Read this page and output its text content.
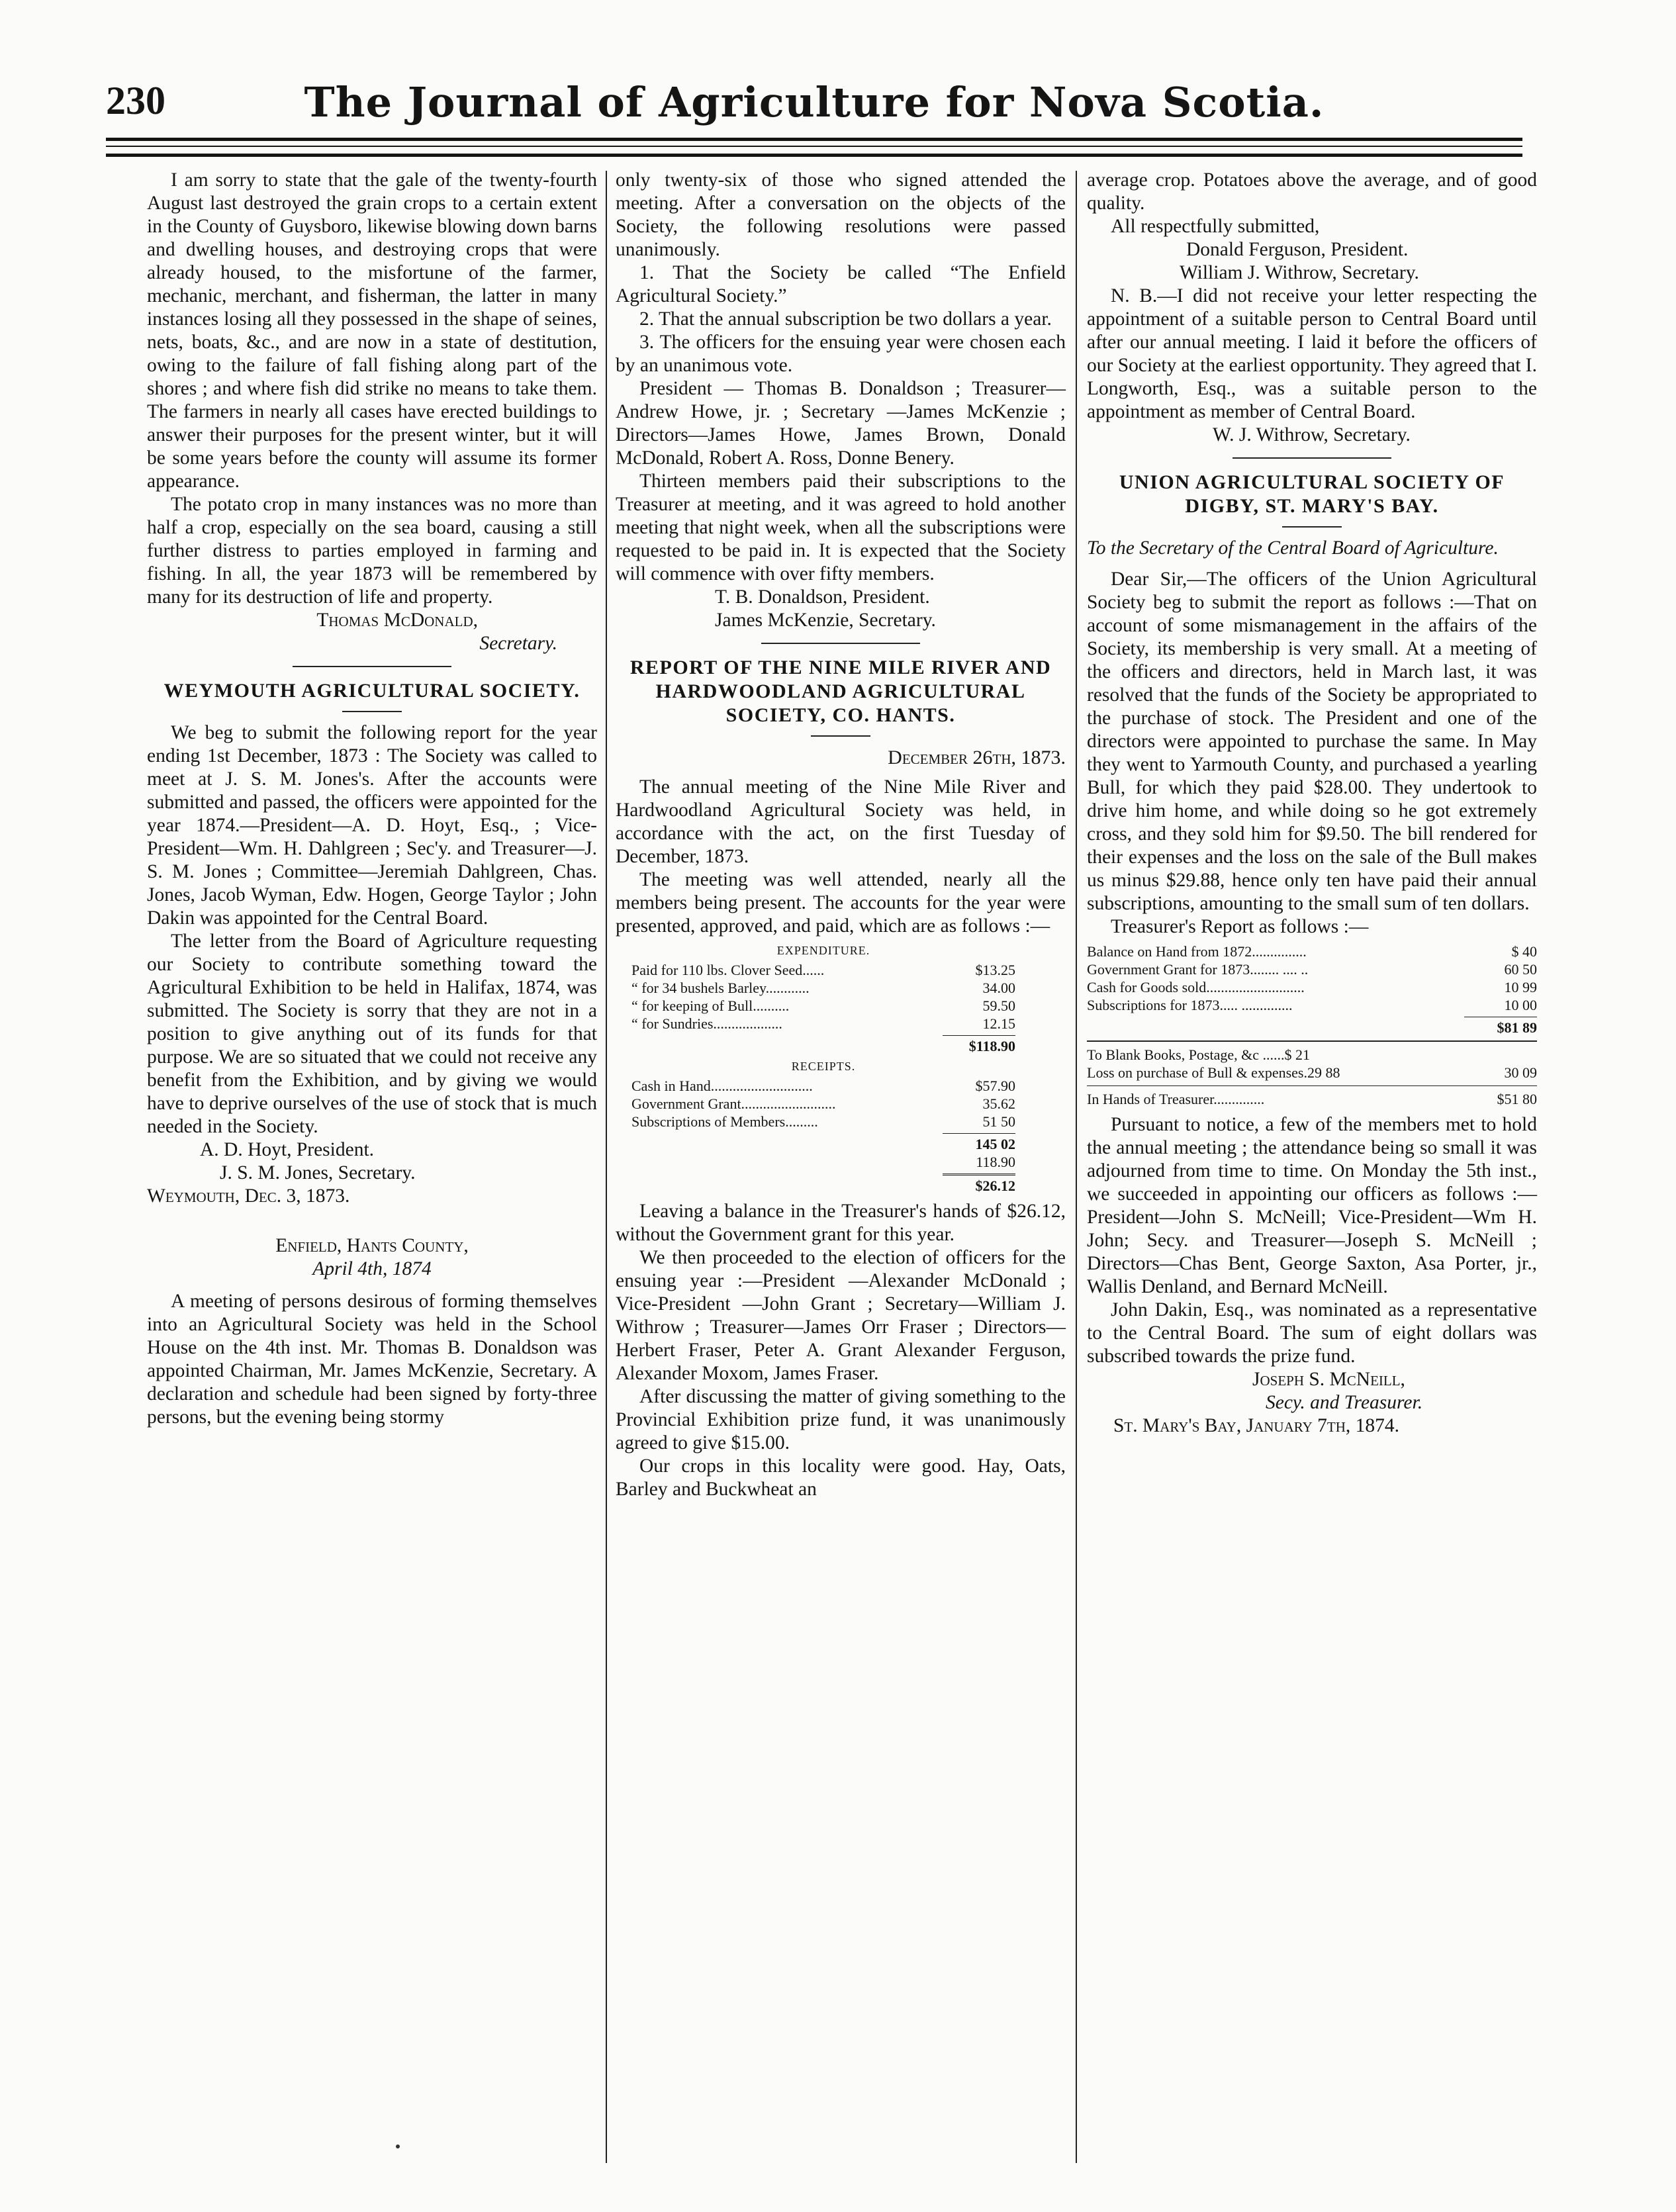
230	The Journal of Agriculture for Nova Scotia.

I am sorry to state that the gale of the twenty-fourth August last destroyed the grain crops to a certain extent in the County of Guysboro, likewise blowing down barns and dwelling houses, and destroying crops that were already housed, to the misfortune of the farmer, mechanic, merchant, and fisherman, the latter in many instances losing all they possessed in the shape of seines, nets, boats, &c., and are now in a state of destitution, owing to the failure of fall fishing along part of the shores ; and where fish did strike no means to take them. The farmers in nearly all cases have erected buildings to answer their purposes for the present winter, but it will be some years before the county will assume its former appearance.

The potato crop in many instances was no more than half a crop, especially on the sea board, causing a still further distress to parties employed in farming and fishing. In all, the year 1873 will be remembered by many for its destruction of life and property.

Thomas McDonald,

Secretary.

WEYMOUTH AGRICULTURAL SOCIETY.

We beg to submit the following report for the year ending 1st December, 1873 : The Society was called to meet at J. S. M. Jones's. After the accounts were submitted and passed, the officers were appointed for the year 1874.—President—A. D. Hoyt, Esq., ; Vice-President—Wm. H. Dahlgreen ; Sec'y. and Treasurer—J. S. M. Jones ; Committee—Jeremiah Dahlgreen, Chas. Jones, Jacob Wyman, Edw. Hogen, George Taylor ; John Dakin was appointed for the Central Board.

The letter from the Board of Agriculture requesting our Society to contribute something toward the Agricultural Exhibition to be held in Halifax, 1874, was submitted. The Society is sorry that they are not in a position to give anything out of its funds for that purpose. We are so situated that we could not receive any benefit from the Exhibition, and by giving we would have to deprive ourselves of the use of stock that is much needed in the Society.

A. D. Hoyt, President.

J. S. M. Jones, Secretary.

Weymouth, Dec. 3, 1873.

Enfield, Hants County,

April 4th, 1874

A meeting of persons desirous of forming themselves into an Agricultural Society was held in the School House on the 4th inst. Mr. Thomas B. Donaldson was appointed Chairman, Mr. James McKenzie, Secretary. A declaration and schedule had been signed by forty-three persons, but the evening being stormy

only twenty-six of those who signed attended the meeting. After a conversation on the objects of the Society, the following resolutions were passed unanimously.

1. That the Society be called “The Enfield Agricultural Society.”

2. That the annual subscription be two dollars a year.

3. The officers for the ensuing year were chosen each by an unanimous vote.

President — Thomas B. Donaldson ; Treasurer—Andrew Howe, jr. ; Secretary —James McKenzie ; Directors—James Howe, James Brown, Donald McDonald, Robert A. Ross, Donne Benery.

Thirteen members paid their subscriptions to the Treasurer at meeting, and it was agreed to hold another meeting that night week, when all the subscriptions were requested to be paid in. It is expected that the Society will commence with over fifty members.

T. B. Donaldson, President.

James McKenzie, Secretary.

REPORT OF THE NINE MILE RIVER AND HARDWOODLAND AGRICULTURAL SOCIETY, CO. HANTS.

December 26th, 1873.

The annual meeting of the Nine Mile River and Hardwoodland Agricultural Society was held, in accordance with the act, on the first Tuesday of December, 1873.

The meeting was well attended, nearly all the members being present. The accounts for the year were presented, approved, and paid, which are as follows :—

EXPENDITURE.
Paid for 110 lbs. Clover Seed......	$13.25
“ for 34 bushels Barley............	34.00
“ for keeping of Bull..........	59.50
“ for Sundries...................	12.15
$118.90
RECEIPTS.
Cash in Hand............................	$57.90
Government Grant..........................	35.62
Subscriptions of Members.........	51 50
145 02
118.90
$26.12

Leaving a balance in the Treasurer's hands of $26.12, without the Government grant for this year.

We then proceeded to the election of officers for the ensuing year :—President —Alexander McDonald ; Vice-President —John Grant ; Secretary—William J. Withrow ; Treasurer—James Orr Fraser ; Directors—Herbert Fraser, Peter A. Grant Alexander Ferguson, Alexander Moxom, James Fraser.

After discussing the matter of giving something to the Provincial Exhibition prize fund, it was unanimously agreed to give $15.00.

Our crops in this locality were good. Hay, Oats, Barley and Buckwheat an

average crop. Potatoes above the average, and of good quality.

All respectfully submitted,

Donald Ferguson, President.

William J. Withrow, Secretary.

N. B.—I did not receive your letter respecting the appointment of a suitable person to Central Board until after our annual meeting. I laid it before the officers of our Society at the earliest opportunity. They agreed that I. Longworth, Esq., was a suitable person to the appointment as member of Central Board.

W. J. Withrow, Secretary.

UNION AGRICULTURAL SOCIETY OF DIGBY, ST. MARY'S BAY.

To the Secretary of the Central Board of Agriculture.

Dear Sir,—The officers of the Union Agricultural Society beg to submit the report as follows :—That on account of some mismanagement in the affairs of the Society, its membership is very small. At a meeting of the officers and directors, held in March last, it was resolved that the funds of the Society be appropriated to the purchase of stock. The President and one of the directors were appointed to purchase the same. In May they went to Yarmouth County, and purchased a yearling Bull, for which they paid $28.00. They undertook to drive him home, and while doing so he got extremely cross, and they sold him for $9.50. The bill rendered for their expenses and the loss on the sale of the Bull makes us minus $29.88, hence only ten have paid their annual subscriptions, amounting to the small sum of ten dollars.

Treasurer's Report as follows :—

Balance on Hand from 1872...............	$ 40
Government Grant for 1873........ .... ..	60 50
Cash for Goods sold...........................	10 99
Subscriptions for 1873..... ..............	10 00
$81 89
To Blank Books, Postage, &c ......$ 21
Loss on purchase of Bull & expenses.29 88	30 09
In Hands of Treasurer..............	$51 80

Pursuant to notice, a few of the members met to hold the annual meeting ; the attendance being so small it was adjourned from time to time. On Monday the 5th inst., we succeeded in appointing our officers as follows :—President—John S. McNeill; Vice-President—Wm H. John; Secy. and Treasurer—Joseph S. McNeill ; Directors—Chas Bent, George Saxton, Asa Porter, jr., Wallis Denland, and Bernard McNeill.

John Dakin, Esq., was nominated as a representative to the Central Board. The sum of eight dollars was subscribed towards the prize fund.

Joseph S. McNeill,

Secy. and Treasurer.

St. Mary's Bay, January 7th, 1874.
